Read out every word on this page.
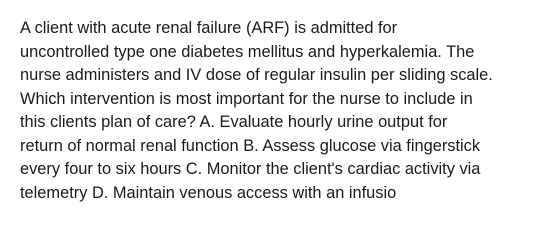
A client with acute renal failure (ARF) is admitted for
uncontrolled type one diabetes mellitus and hyperkalemia. The
nurse administers and IV dose of regular insulin per sliding scale.
Which intervention is most important for the nurse to include in
this clients plan of care? A. Evaluate hourly urine output for
return of normal renal function B. Assess glucose via fingerstick
every four to six hours C. Monitor the client's cardiac activity via
telemetry D. Maintain venous access with an infusio
